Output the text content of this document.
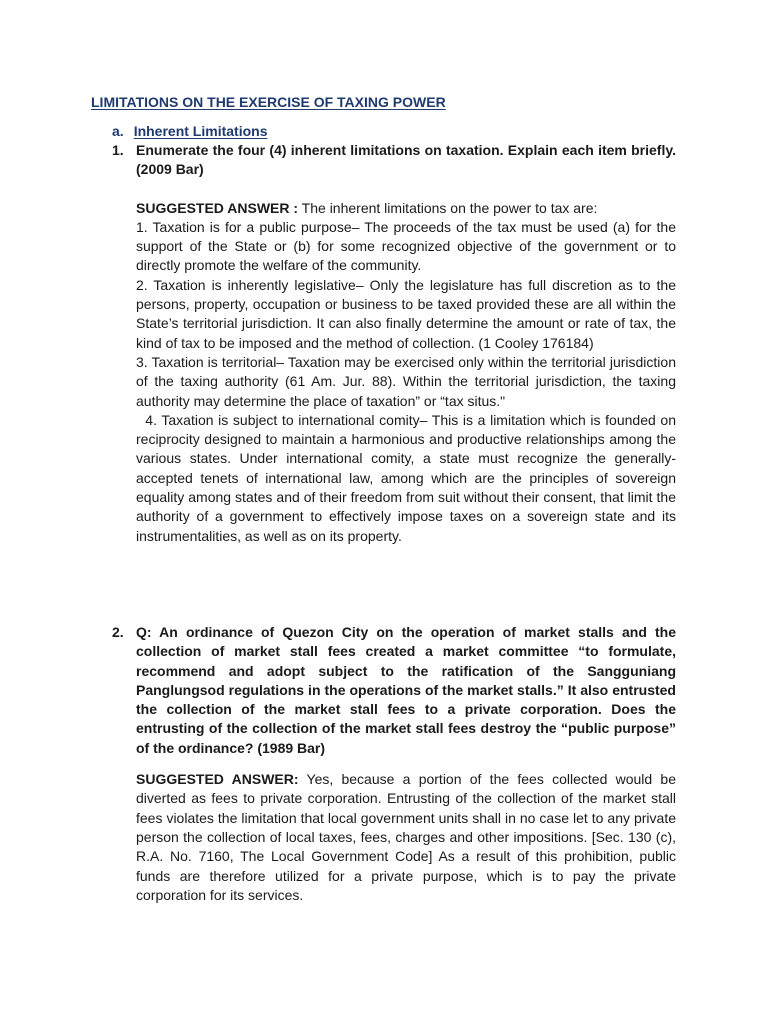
LIMITATIONS ON THE EXERCISE OF TAXING POWER
a. Inherent Limitations
1. Enumerate the four (4) inherent limitations on taxation. Explain each item briefly. (2009 Bar)

SUGGESTED ANSWER : The inherent limitations on the power to tax are:

1. Taxation is for a public purpose– The proceeds of the tax must be used (a) for the support of the State or (b) for some recognized objective of the government or to directly promote the welfare of the community.

2. Taxation is inherently legislative– Only the legislature has full discretion as to the persons, property, occupation or business to be taxed provided these are all within the State’s territorial jurisdiction. It can also finally determine the amount or rate of tax, the kind of tax to be imposed and the method of collection. (1 Cooley 176184)

3. Taxation is territorial– Taxation may be exercised only within the territorial jurisdiction of the taxing authority (61 Am. Jur. 88). Within the territorial jurisdiction, the taxing authority may determine the place of taxation” or “tax situs."

4. Taxation is subject to international comity– This is a limitation which is founded on reciprocity designed to maintain a harmonious and productive relationships among the various states. Under international comity, a state must recognize the generally-accepted tenets of international law, among which are the principles of sovereign equality among states and of their freedom from suit without their consent, that limit the authority of a government to effectively impose taxes on a sovereign state and its instrumentalities, as well as on its property.

2. Q: An ordinance of Quezon City on the operation of market stalls and the collection of market stall fees created a market committee “to formulate, recommend and adopt subject to the ratification of the Sangguniang Panglungsod regulations in the operations of the market stalls.” It also entrusted the collection of the market stall fees to a private corporation. Does the entrusting of the collection of the market stall fees destroy the “public purpose” of the ordinance? (1989 Bar)

SUGGESTED ANSWER: Yes, because a portion of the fees collected would be diverted as fees to private corporation. Entrusting of the collection of the market stall fees violates the limitation that local government units shall in no case let to any private person the collection of local taxes, fees, charges and other impositions. [Sec. 130 (c), R.A. No. 7160, The Local Government Code] As a result of this prohibition, public funds are therefore utilized for a private purpose, which is to pay the private corporation for its services.
